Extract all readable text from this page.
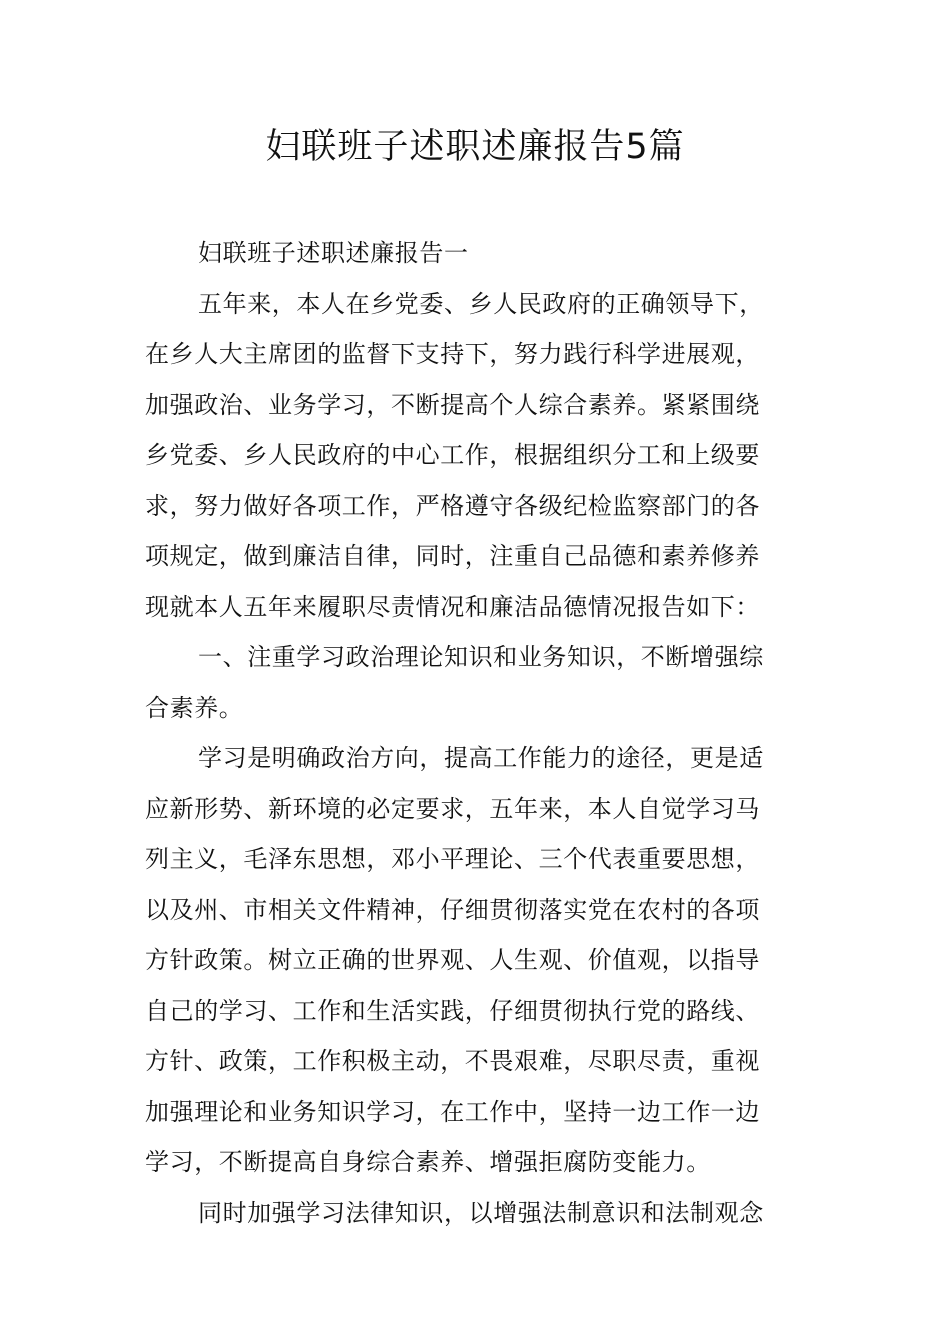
妇联班子述职述廉报告5篇
妇联班子述职述廉报告一
五年来，本人在乡党委、乡人民政府的正确领导下，
在乡人大主席团的监督下支持下，努力践行科学进展观，
加强政治、业务学习，不断提高个人综合素养。紧紧围绕
乡党委、乡人民政府的中心工作，根据组织分工和上级要
求，努力做好各项工作，严格遵守各级纪检监察部门的各
项规定，做到廉洁自律，同时，注重自己品德和素养修养
现就本人五年来履职尽责情况和廉洁品德情况报告如下：
一、注重学习政治理论知识和业务知识，不断增强综
合素养。
学习是明确政治方向，提高工作能力的途径，更是适
应新形势、新环境的必定要求，五年来，本人自觉学习马
列主义，毛泽东思想，邓小平理论、三个代表重要思想，
以及州、市相关文件精神，仔细贯彻落实党在农村的各项
方针政策。树立正确的世界观、人生观、价值观，以指导
自己的学习、工作和生活实践，仔细贯彻执行党的路线、
方针、政策，工作积极主动，不畏艰难，尽职尽责，重视
加强理论和业务知识学习，在工作中，坚持一边工作一边
学习，不断提高自身综合素养、增强拒腐防变能力。
同时加强学习法律知识，以增强法制意识和法制观念
